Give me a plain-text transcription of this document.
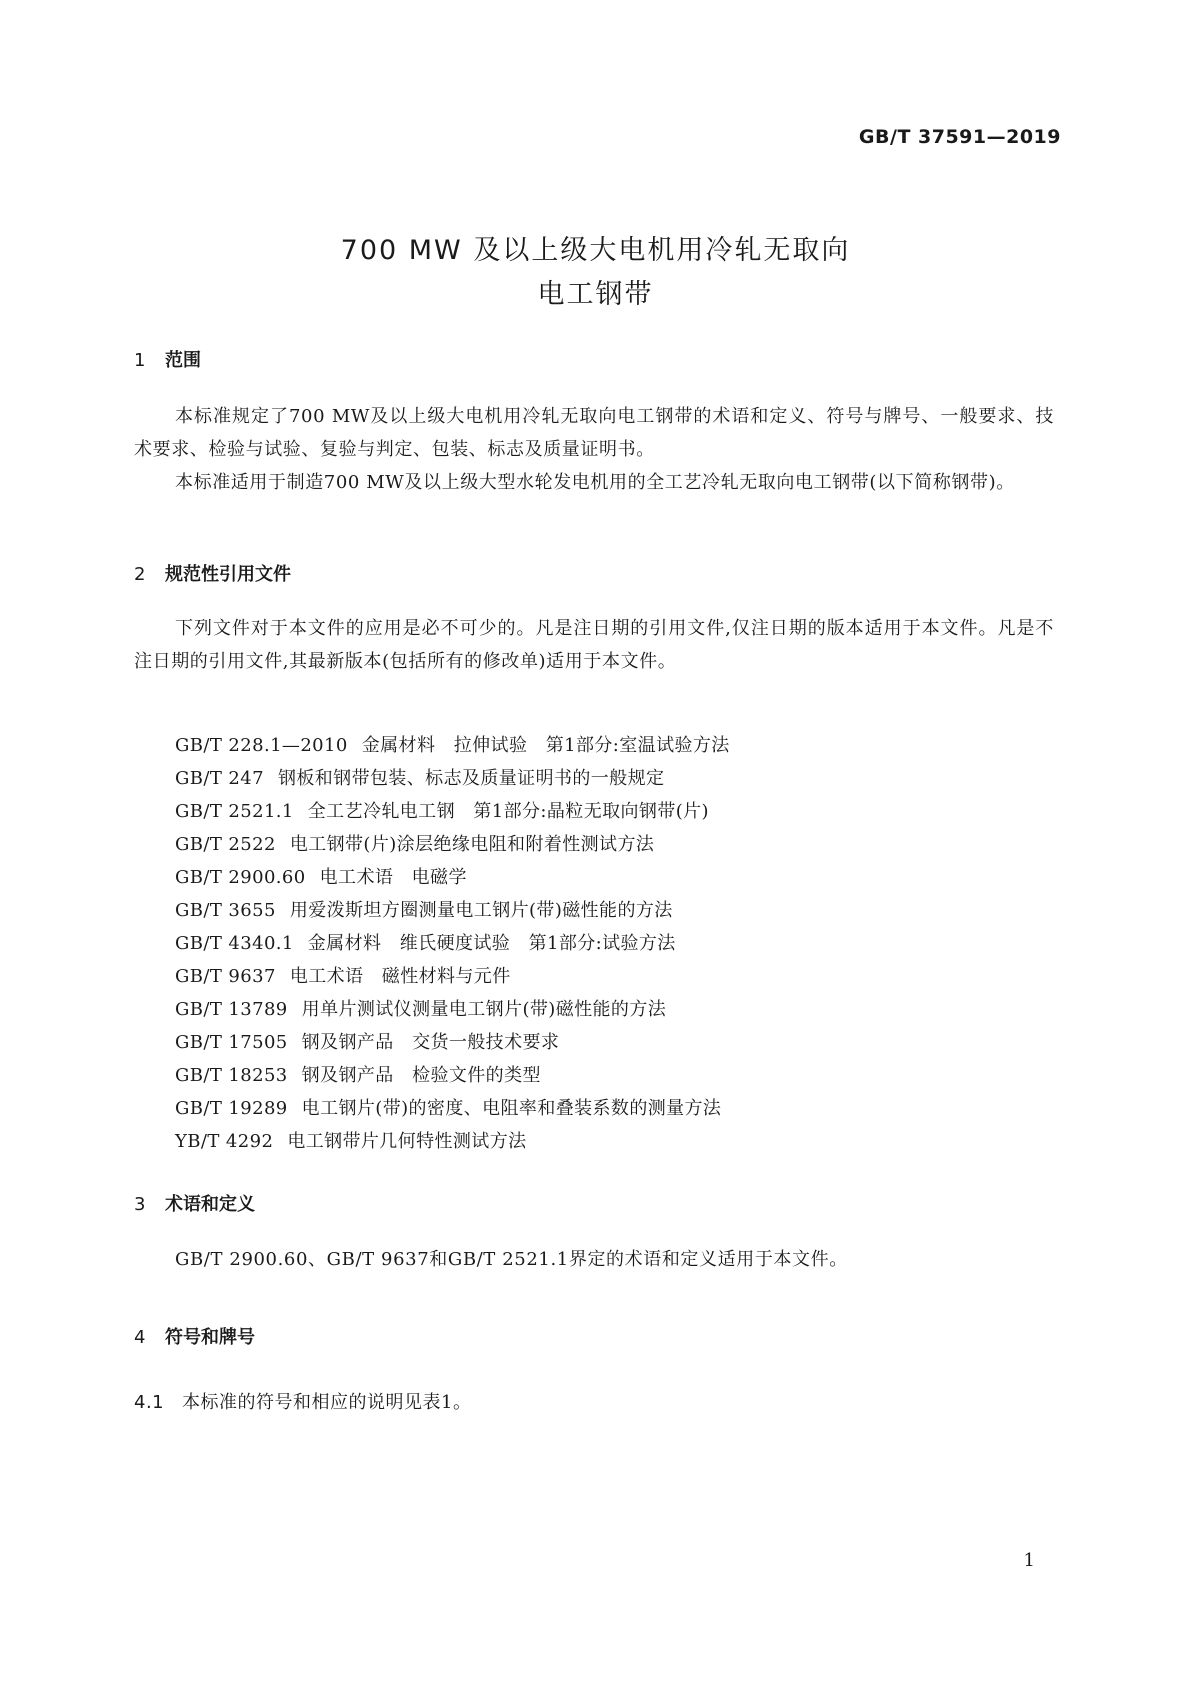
GB/T 37591—2019
700 MW 及以上级大电机用冷轧无取向
电工钢带
1 范围
本标准规定了700 MW及以上级大电机用冷轧无取向电工钢带的术语和定义、符号与牌号、一般要求、技术要求、检验与试验、复验与判定、包装、标志及质量证明书。
本标准适用于制造700 MW及以上级大型水轮发电机用的全工艺冷轧无取向电工钢带(以下简称钢带)。
2 规范性引用文件
下列文件对于本文件的应用是必不可少的。凡是注日期的引用文件,仅注日期的版本适用于本文件。凡是不注日期的引用文件,其最新版本(包括所有的修改单)适用于本文件。
GB/T 228.1—2010 金属材料　拉伸试验　第1部分:室温试验方法
GB/T 247 钢板和钢带包装、标志及质量证明书的一般规定
GB/T 2521.1 全工艺冷轧电工钢　第1部分:晶粒无取向钢带(片)
GB/T 2522 电工钢带(片)涂层绝缘电阻和附着性测试方法
GB/T 2900.60 电工术语　电磁学
GB/T 3655 用爱泼斯坦方圈测量电工钢片(带)磁性能的方法
GB/T 4340.1 金属材料　维氏硬度试验　第1部分:试验方法
GB/T 9637 电工术语　磁性材料与元件
GB/T 13789 用单片测试仪测量电工钢片(带)磁性能的方法
GB/T 17505 钢及钢产品　交货一般技术要求
GB/T 18253 钢及钢产品　检验文件的类型
GB/T 19289 电工钢片(带)的密度、电阻率和叠装系数的测量方法
YB/T 4292 电工钢带片几何特性测试方法
3 术语和定义
GB/T 2900.60、GB/T 9637和GB/T 2521.1界定的术语和定义适用于本文件。
4 符号和牌号
4.1 本标准的符号和相应的说明见表1。
1
